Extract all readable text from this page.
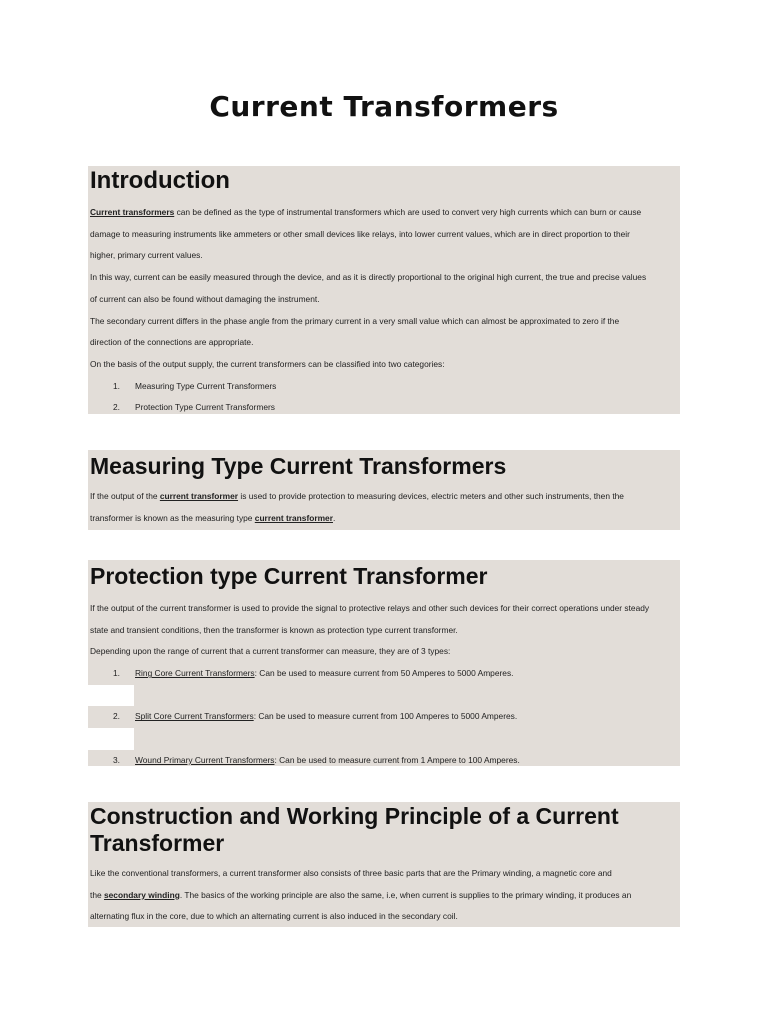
Current Transformers
Introduction
Current transformers can be defined as the type of instrumental transformers which are used to convert very high currents which can burn or cause
damage to measuring instruments like ammeters or other small devices like relays, into lower current values, which are in direct proportion to their
higher, primary current values.
In this way, current can be easily measured through the device, and as it is directly proportional to the original high current, the true and precise values
of current can also be found without damaging the instrument.
The secondary current differs in the phase angle from the primary current in a very small value which can almost be approximated to zero if the
direction of the connections are appropriate.
On the basis of the output supply, the current transformers can be classified into two categories:
1. Measuring Type Current Transformers
2. Protection Type Current Transformers
Measuring Type Current Transformers
If the output of the current transformer is used to provide protection to measuring devices, electric meters and other such instruments, then the
transformer is known as the measuring type current transformer.
Protection type Current Transformer
If the output of the current transformer is used to provide the signal to protective relays and other such devices for their correct operations under steady
state and transient conditions, then the transformer is known as protection type current transformer.
Depending upon the range of current that a current transformer can measure, they are of 3 types:
1. Ring Core Current Transformers: Can be used to measure current from 50 Amperes to 5000 Amperes.
2. Split Core Current Transformers: Can be used to measure current from 100 Amperes to 5000 Amperes.
3. Wound Primary Current Transformers: Can be used to measure current from 1 Ampere to 100 Amperes.
Construction and Working Principle of a Current
Transformer
Like the conventional transformers, a current transformer also consists of three basic parts that are the Primary winding, a magnetic core and
the secondary winding. The basics of the working principle are also the same, i.e, when current is supplies to the primary winding, it produces an
alternating flux in the core, due to which an alternating current is also induced in the secondary coil.
